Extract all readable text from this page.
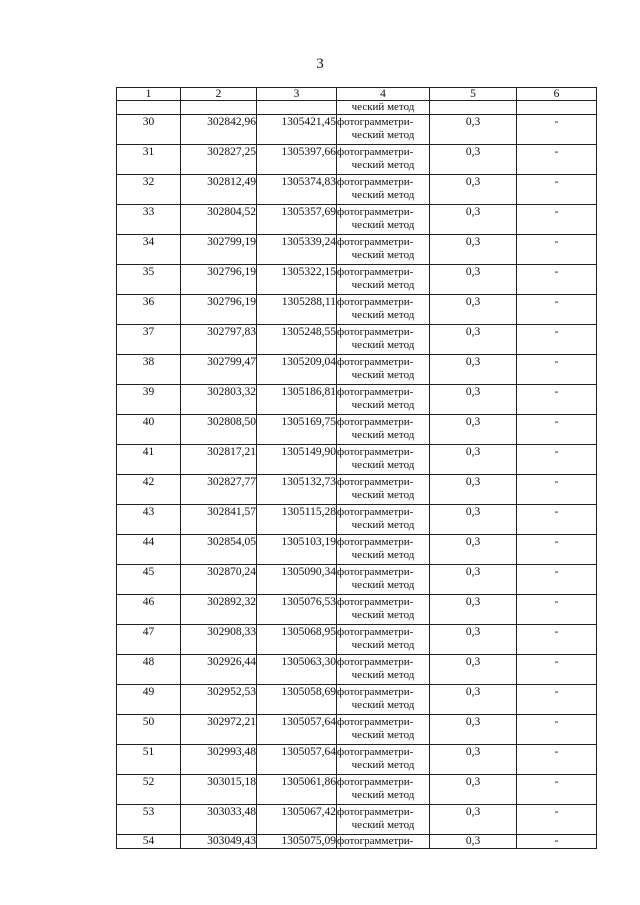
3
1	2	3	4	5	6

			ческий метод		

30	302842,96	1305421,45	фотограмметри-
ческий метод	0,3	-
31	302827,25	1305397,66	фотограмметри-
ческий метод	0,3	-
32	302812,49	1305374,83	фотограмметри-
ческий метод	0,3	-
33	302804,52	1305357,69	фотограмметри-
ческий метод	0,3	-
34	302799,19	1305339,24	фотограмметри-
ческий метод	0,3	-
35	302796,19	1305322,15	фотограмметри-
ческий метод	0,3	-
36	302796,19	1305288,11	фотограмметри-
ческий метод	0,3	-
37	302797,83	1305248,55	фотограмметри-
ческий метод	0,3	-
38	302799,47	1305209,04	фотограмметри-
ческий метод	0,3	-
39	302803,32	1305186,81	фотограмметри-
ческий метод	0,3	-
40	302808,50	1305169,75	фотограмметри-
ческий метод	0,3	-
41	302817,21	1305149,90	фотограмметри-
ческий метод	0,3	-
42	302827,77	1305132,73	фотограмметри-
ческий метод	0,3	-
43	302841,57	1305115,28	фотограмметри-
ческий метод	0,3	-
44	302854,05	1305103,19	фотограмметри-
ческий метод	0,3	-
45	302870,24	1305090,34	фотограмметри-
ческий метод	0,3	-
46	302892,32	1305076,53	фотограмметри-
ческий метод	0,3	-
47	302908,33	1305068,95	фотограмметри-
ческий метод	0,3	-
48	302926,44	1305063,30	фотограмметри-
ческий метод	0,3	-
49	302952,53	1305058,69	фотограмметри-
ческий метод	0,3	-
50	302972,21	1305057,64	фотограмметри-
ческий метод	0,3	-
51	302993,48	1305057,64	фотограмметри-
ческий метод	0,3	-
52	303015,18	1305061,86	фотограмметри-
ческий метод	0,3	-
53	303033,48	1305067,42	фотограмметри-
ческий метод	0,3	-
54	303049,43	1305075,09	фотограмметри-	0,3	-
